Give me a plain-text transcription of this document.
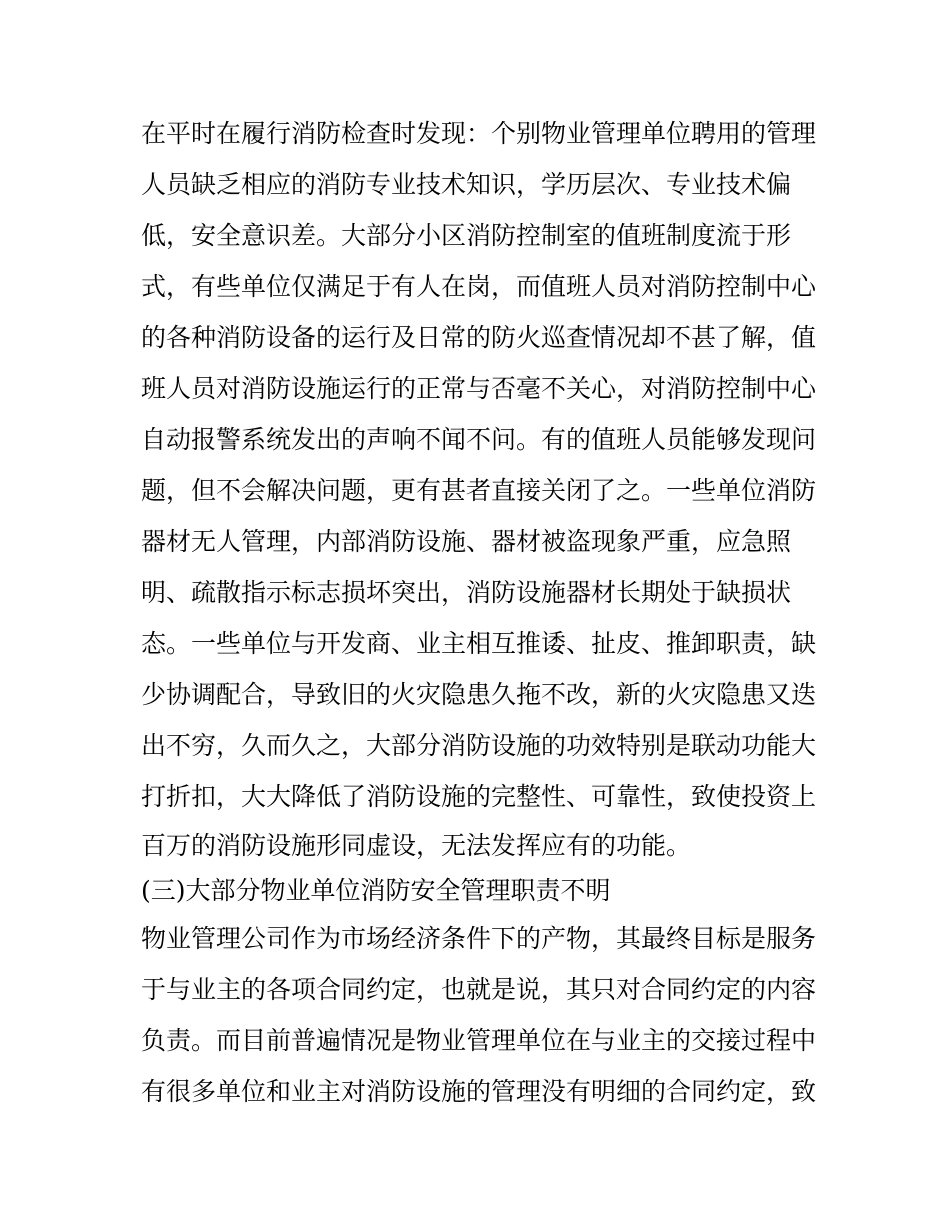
在平时在履行消防检查时发现：个别物业管理单位聘用的管理
人员缺乏相应的消防专业技术知识，学历层次、专业技术偏
低，安全意识差。大部分小区消防控制室的值班制度流于形
式，有些单位仅满足于有人在岗，而值班人员对消防控制中心
的各种消防设备的运行及日常的防火巡查情况却不甚了解，值
班人员对消防设施运行的正常与否毫不关心，对消防控制中心
自动报警系统发出的声响不闻不问。有的值班人员能够发现问
题，但不会解决问题，更有甚者直接关闭了之。一些单位消防
器材无人管理，内部消防设施、器材被盗现象严重，应急照
明、疏散指示标志损坏突出，消防设施器材长期处于缺损状
态。一些单位与开发商、业主相互推诿、扯皮、推卸职责，缺
少协调配合，导致旧的火灾隐患久拖不改，新的火灾隐患又迭
出不穷，久而久之，大部分消防设施的功效特别是联动功能大
打折扣，大大降低了消防设施的完整性、可靠性，致使投资上
百万的消防设施形同虚设，无法发挥应有的功能。
(三)大部分物业单位消防安全管理职责不明
物业管理公司作为市场经济条件下的产物，其最终目标是服务
于与业主的各项合同约定，也就是说，其只对合同约定的内容
负责。而目前普遍情况是物业管理单位在与业主的交接过程中
有很多单位和业主对消防设施的管理没有明细的合同约定，致
